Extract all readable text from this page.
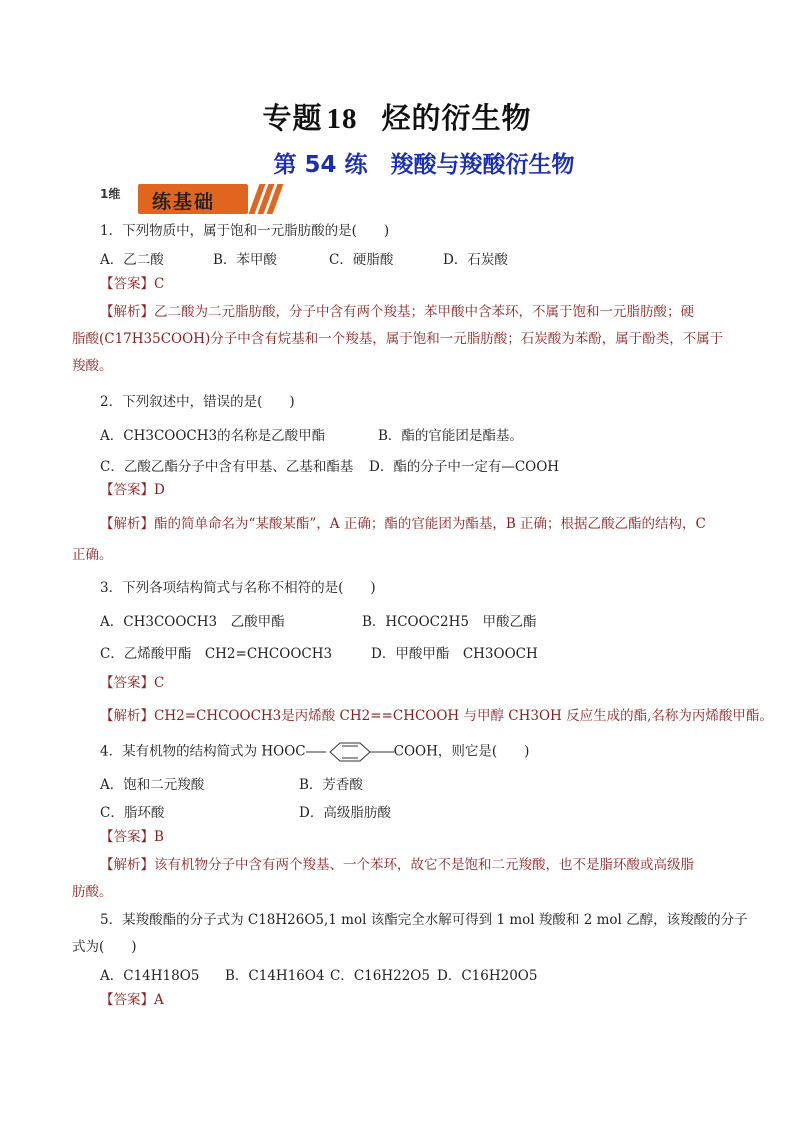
专题 18 烃的衍生物
第 54 练　羧酸与羧酸衍生物
1维 练基础
1．下列物质中，属于饱和一元脂肪酸的是(　　)
A．乙二酸	B．苯甲酸	C．硬脂酸	D．石炭酸
【答案】C
【解析】乙二酸为二元脂肪酸，分子中含有两个羧基；苯甲酸中含苯环，不属于饱和一元脂肪酸；硬
脂酸(C17H35COOH)分子中含有烷基和一个羧基，属于饱和一元脂肪酸；石炭酸为苯酚，属于酚类，不属于
羧酸。
2．下列叙述中，错误的是(　　)
A．CH3COOCH3的名称是乙酸甲酯	B．酯的官能团是酯基。
C．乙酸乙酯分子中含有甲基、乙基和酯基 D．酯的分子中一定有—COOH
【答案】D
【解析】酯的简单命名为“某酸某酯”，A 正确；酯的官能团为酯基，B 正确；根据乙酸乙酯的结构，C
正确。
3．下列各项结构简式与名称不相符的是(　　)
A．CH3COOCH3　乙酸甲酯	B．HCOOC2H5　甲酸乙酯
C．乙烯酸甲酯　CH2=CHCOOCH3	D．甲酸甲酯　CH3OOCH
【答案】C
【解析】CH2=CHCOOCH3是丙烯酸 CH2==CHCOOH 与甲醇 CH3OH 反应生成的酯,名称为丙烯酸甲酯。
4．某有机物的结构简式为 HOOC	COOH，则它是(　　)
A．饱和二元羧酸	B．芳香酸
C．脂环酸	D．高级脂肪酸
【答案】B
【解析】该有机物分子中含有两个羧基、一个苯环，故它不是饱和二元羧酸，也不是脂环酸或高级脂
肪酸。
5．某羧酸酯的分子式为 C18H26O5,1 mol 该酯完全水解可得到 1 mol 羧酸和 2 mol 乙醇，该羧酸的分子
式为(　　)
A．C14H18O5 B．C14H16O4 C．C16H22O5 D．C16H20O5
【答案】A
